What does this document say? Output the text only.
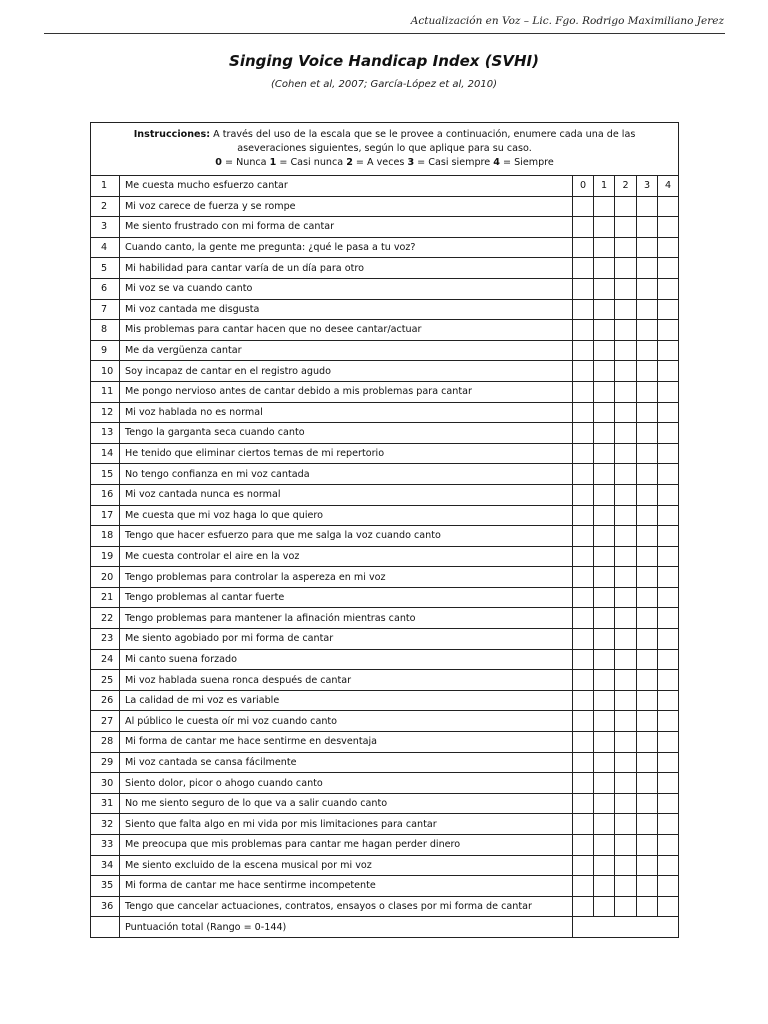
Actualización en Voz – Lic. Fgo. Rodrigo Maximiliano Jerez
Singing Voice Handicap Index (SVHI)
(Cohen et al, 2007; García-López et al, 2010)
Instrucciones: A través del uso de la escala que se le provee a continuación, enumere cada una de las aseveraciones siguientes, según lo que aplique para su caso.
0 = Nunca 1 = Casi nunca 2 = A veces 3 = Casi siempre 4 = Siempre						
1	Me cuesta mucho esfuerzo cantar	0	1	2	3	4
2	Mi voz carece de fuerza y se rompe					
3	Me siento frustrado con mi forma de cantar					
4	Cuando canto, la gente me pregunta: ¿qué le pasa a tu voz?					
5	Mi habilidad para cantar varía de un día para otro					
6	Mi voz se va cuando canto					
7	Mi voz cantada me disgusta					
8	Mis problemas para cantar hacen que no desee cantar/actuar					
9	Me da vergüenza cantar					
10	Soy incapaz de cantar en el registro agudo					
11	Me pongo nervioso antes de cantar debido a mis problemas para cantar					
12	Mi voz hablada no es normal					
13	Tengo la garganta seca cuando canto					
14	He tenido que eliminar ciertos temas de mi repertorio					
15	No tengo confianza en mi voz cantada					
16	Mi voz cantada nunca es normal					
17	Me cuesta que mi voz haga lo que quiero					
18	Tengo que hacer esfuerzo para que me salga la voz cuando canto					
19	Me cuesta controlar el aire en la voz					
20	Tengo problemas para controlar la aspereza en mi voz					
21	Tengo problemas al cantar fuerte					
22	Tengo problemas para mantener la afinación mientras canto					
23	Me siento agobiado por mi forma de cantar					
24	Mi canto suena forzado					
25	Mi voz hablada suena ronca después de cantar					
26	La calidad de mi voz es variable					
27	Al público le cuesta oír mi voz cuando canto					
28	Mi forma de cantar me hace sentirme en desventaja					
29	Mi voz cantada se cansa fácilmente					
30	Siento dolor, picor o ahogo cuando canto					
31	No me siento seguro de lo que va a salir cuando canto					
32	Siento que falta algo en mi vida por mis limitaciones para cantar					
33	Me preocupa que mis problemas para cantar me hagan perder dinero					
34	Me siento excluido de la escena musical por mi voz					
35	Mi forma de cantar me hace sentirme incompetente					
36	Tengo que cancelar actuaciones, contratos, ensayos o clases por mi forma de cantar					
	Puntuación total (Rango = 0-144)					
